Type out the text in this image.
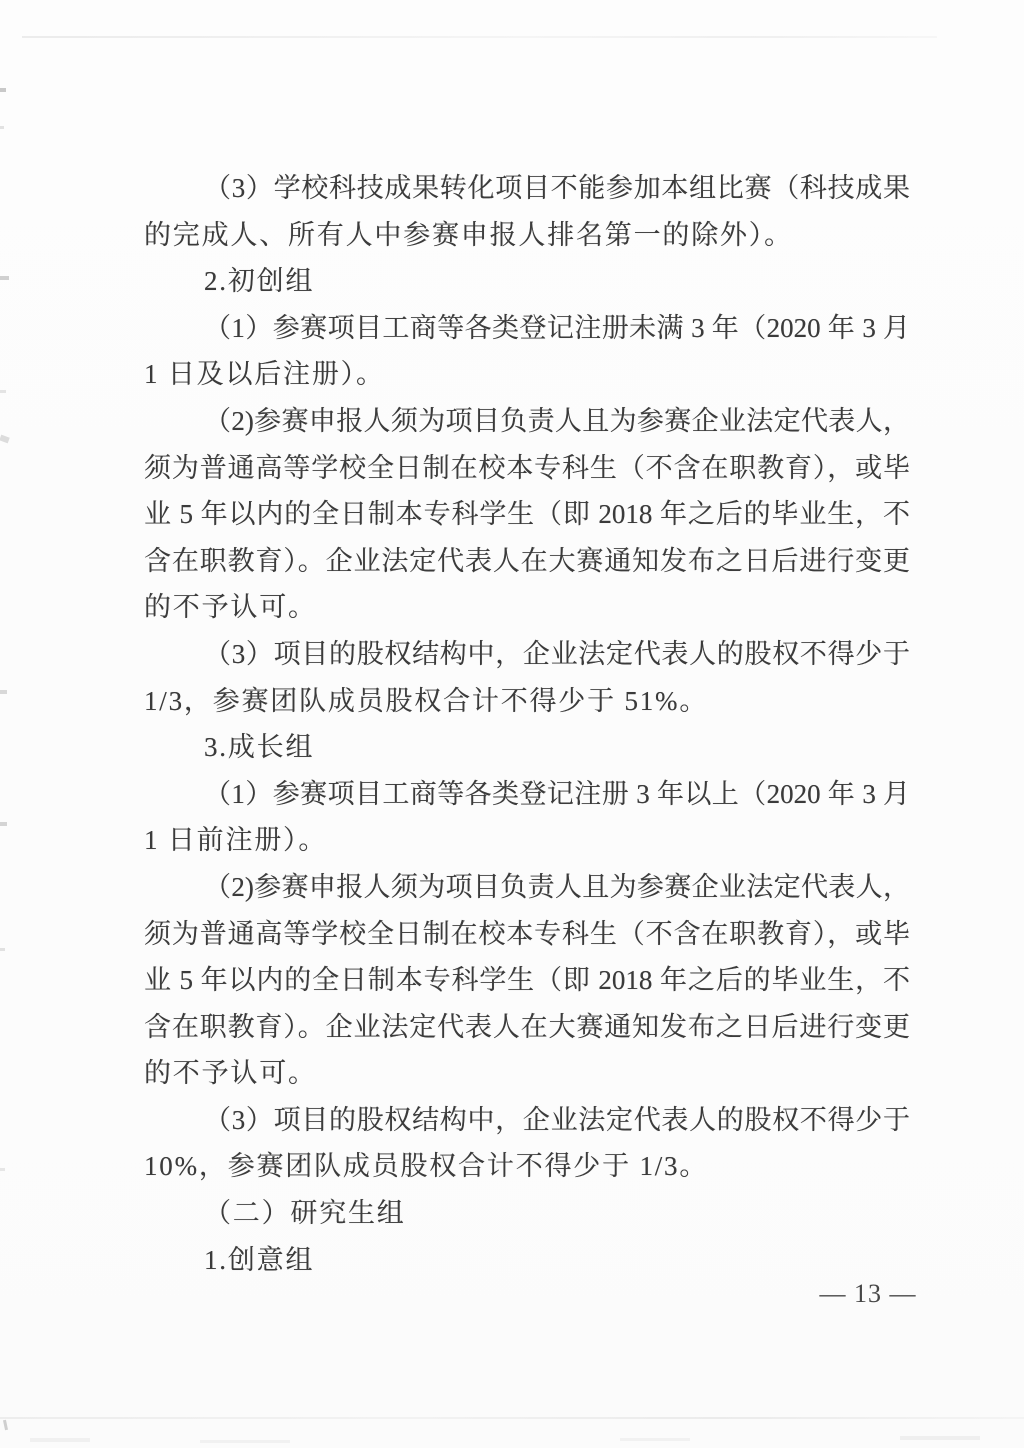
（3）学校科技成果转化项目不能参加本组比赛（科技成果
的完成人、所有人中参赛申报人排名第一的除外）。
2.初创组
（1）参赛项目工商等各类登记注册未满 3 年（2020 年 3 月
1 日及以后注册）。
（2)参赛申报人须为项目负责人且为参赛企业法定代表人，
须为普通高等学校全日制在校本专科生（不含在职教育），或毕
业 5 年以内的全日制本专科学生（即 2018 年之后的毕业生，不
含在职教育）。企业法定代表人在大赛通知发布之日后进行变更
的不予认可。
（3）项目的股权结构中，企业法定代表人的股权不得少于
1/3，参赛团队成员股权合计不得少于 51%。
3.成长组
（1）参赛项目工商等各类登记注册 3 年以上（2020 年 3 月
1 日前注册）。
（2)参赛申报人须为项目负责人且为参赛企业法定代表人，
须为普通高等学校全日制在校本专科生（不含在职教育），或毕
业 5 年以内的全日制本专科学生（即 2018 年之后的毕业生，不
含在职教育）。企业法定代表人在大赛通知发布之日后进行变更
的不予认可。
（3）项目的股权结构中，企业法定代表人的股权不得少于
10%，参赛团队成员股权合计不得少于 1/3。
（二）研究生组
1.创意组
— 13 —
